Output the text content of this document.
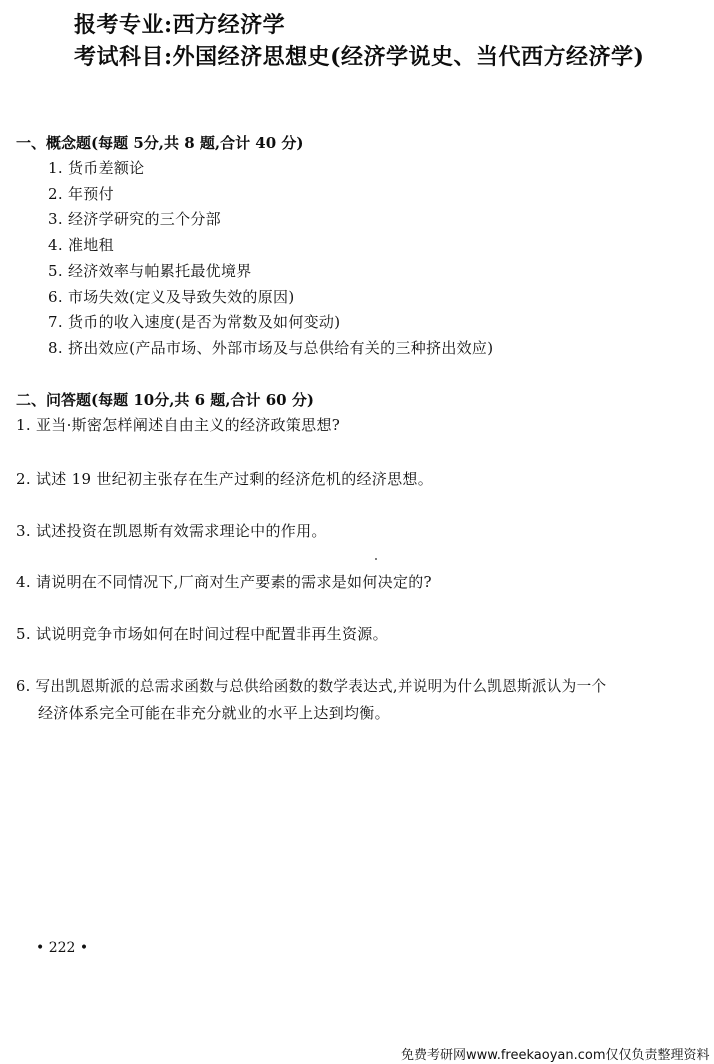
报考专业:西方经济学
考试科目:外国经济思想史(经济学说史、当代西方经济学)
一、概念题(每题 5分,共 8 题,合计 40 分)
1. 货币差额论
2. 年预付
3. 经济学研究的三个分部
4. 准地租
5. 经济效率与帕累托最优境界
6. 市场失效(定义及导致失效的原因)
7. 货币的收入速度(是否为常数及如何变动)
8. 挤出效应(产品市场、外部市场及与总供给有关的三种挤出效应)
二、问答题(每题 10分,共 6 题,合计 60 分)
1. 亚当·斯密怎样阐述自由主义的经济政策思想?
2. 试述 19 世纪初主张存在生产过剩的经济危机的经济思想。
3. 试述投资在凯恩斯有效需求理论中的作用。
4. 请说明在不同情况下,厂商对生产要素的需求是如何决定的?
5. 试说明竞争市场如何在时间过程中配置非再生资源。
6. 写出凯恩斯派的总需求函数与总供给函数的数学表达式,并说明为什么凯恩斯派认为一个
经济体系完全可能在非充分就业的水平上达到均衡。
• 222 •
免费考研网www.freekaoyan.com仅仅负责整理资料
